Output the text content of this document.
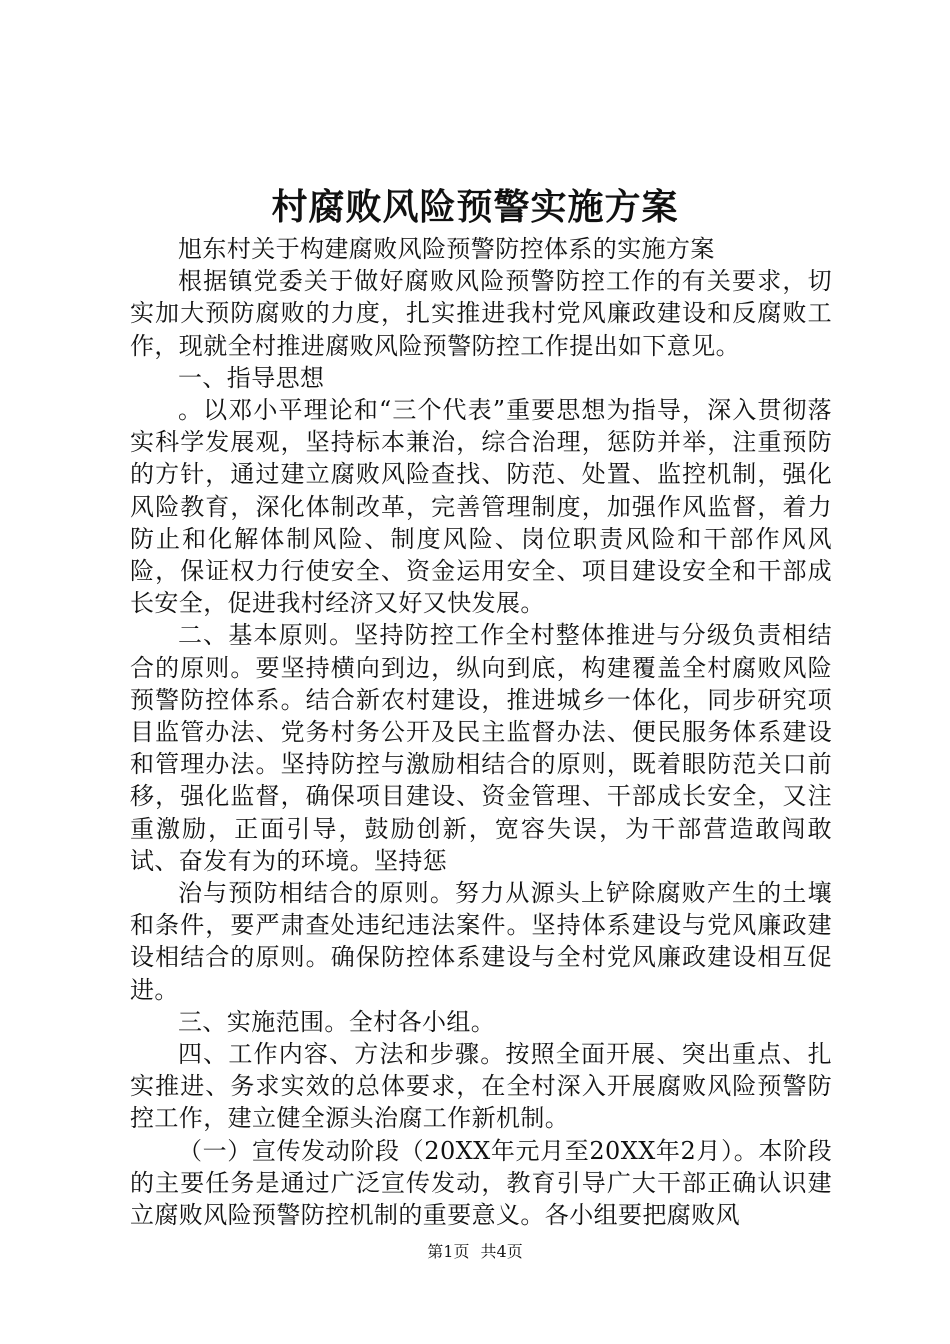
村腐败风险预警实施方案

旭东村关于构建腐败风险预警防控体系的实施方案

根据镇党委关于做好腐败风险预警防控工作的有关要求，切实加大预防腐败的力度，扎实推进我村党风廉政建设和反腐败工作，现就全村推进腐败风险预警防控工作提出如下意见。

一、指导思想

。以邓小平理论和“三个代表”重要思想为指导，深入贯彻落实科学发展观，坚持标本兼治，综合治理，惩防并举，注重预防的方针，通过建立腐败风险查找、防范、处置、监控机制，强化风险教育，深化体制改革，完善管理制度，加强作风监督，着力防止和化解体制风险、制度风险、岗位职责风险和干部作风风险，保证权力行使安全、资金运用安全、项目建设安全和干部成长安全，促进我村经济又好又快发展。

二、基本原则。坚持防控工作全村整体推进与分级负责相结合的原则。要坚持横向到边，纵向到底，构建覆盖全村腐败风险预警防控体系。结合新农村建设，推进城乡一体化，同步研究项目监管办法、党务村务公开及民主监督办法、便民服务体系建设和管理办法。坚持防控与激励相结合的原则，既着眼防范关口前移，强化监督，确保项目建设、资金管理、干部成长安全，又注重激励，正面引导，鼓励创新，宽容失误，为干部营造敢闯敢试、奋发有为的环境。坚持惩

治与预防相结合的原则。努力从源头上铲除腐败产生的土壤和条件，要严肃查处违纪违法案件。坚持体系建设与党风廉政建设相结合的原则。确保防控体系建设与全村党风廉政建设相互促进。

三、实施范围。全村各小组。

四、工作内容、方法和步骤。按照全面开展、突出重点、扎实推进、务求实效的总体要求，在全村深入开展腐败风险预警防控工作，建立健全源头治腐工作新机制。

（一）宣传发动阶段（20XX年元月至20XX年2月）。本阶段的主要任务是通过广泛宣传发动，教育引导广大干部正确认识建立腐败风险预警防控机制的重要意义。各小组要把腐败风

第1页 共4页
